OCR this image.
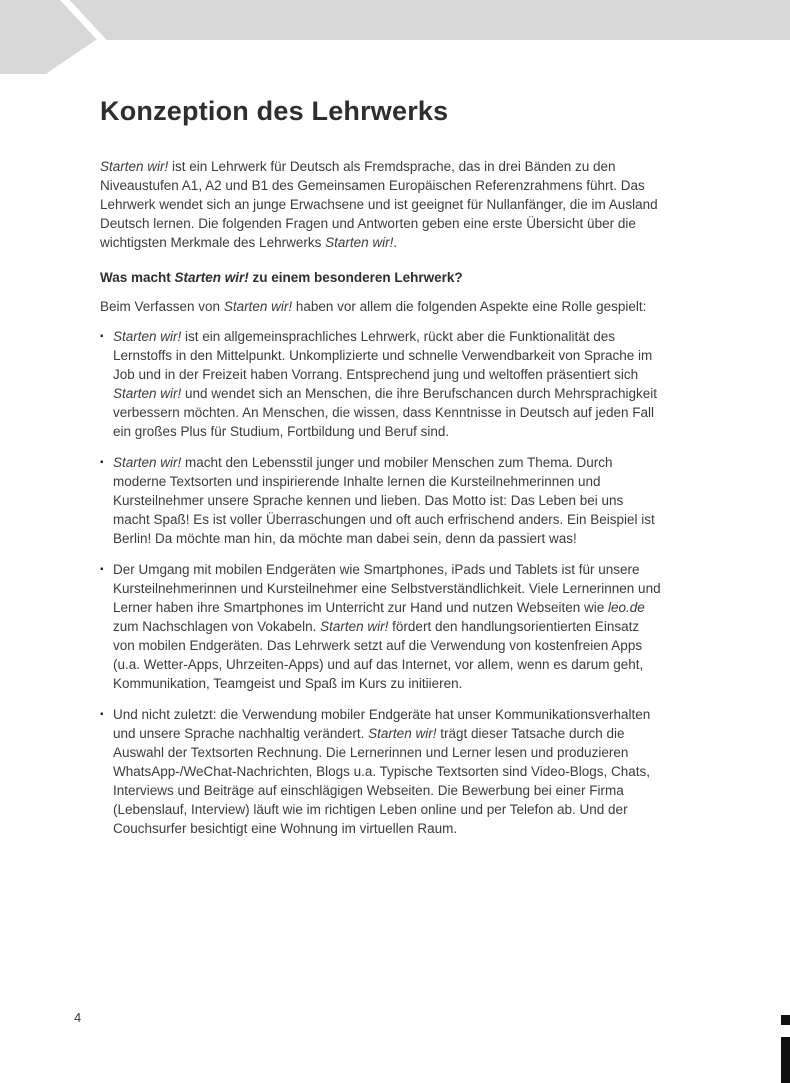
Konzeption des Lehrwerks
Starten wir! ist ein Lehrwerk für Deutsch als Fremdsprache, das in drei Bänden zu den Niveaustufen A1, A2 und B1 des Gemeinsamen Europäischen Referenzrahmens führt. Das Lehrwerk wendet sich an junge Erwachsene und ist geeignet für Nullanfänger, die im Ausland Deutsch lernen. Die folgenden Fragen und Antworten geben eine erste Übersicht über die wichtigsten Merkmale des Lehrwerks Starten wir!.
Was macht Starten wir! zu einem besonderen Lehrwerk?
Beim Verfassen von Starten wir! haben vor allem die folgenden Aspekte eine Rolle gespielt:
▪ Starten wir! ist ein allgemeinsprachliches Lehrwerk, rückt aber die Funktionalität des Lernstoffs in den Mittelpunkt. Unkomplizierte und schnelle Verwendbarkeit von Sprache im Job und in der Freizeit haben Vorrang. Entsprechend jung und weltoffen präsentiert sich Starten wir! und wendet sich an Menschen, die ihre Berufschancen durch Mehrsprachigkeit verbessern möchten. An Menschen, die wissen, dass Kenntnisse in Deutsch auf jeden Fall ein großes Plus für Studium, Fortbildung und Beruf sind.
▪ Starten wir! macht den Lebensstil junger und mobiler Menschen zum Thema. Durch moderne Textsorten und inspirierende Inhalte lernen die Kursteilnehmerinnen und Kursteilnehmer unsere Sprache kennen und lieben. Das Motto ist: Das Leben bei uns macht Spaß! Es ist voller Überraschungen und oft auch erfrischend anders. Ein Beispiel ist Berlin! Da möchte man hin, da möchte man dabei sein, denn da passiert was!
▪ Der Umgang mit mobilen Endgeräten wie Smartphones, iPads und Tablets ist für unsere Kursteilnehmerinnen und Kursteilnehmer eine Selbstverständlichkeit. Viele Lernerinnen und Lerner haben ihre Smartphones im Unterricht zur Hand und nutzen Webseiten wie leo.de zum Nachschlagen von Vokabeln. Starten wir! fördert den handlungsorientierten Einsatz von mobilen Endgeräten. Das Lehrwerk setzt auf die Verwendung von kostenfreien Apps (u.a. Wetter-Apps, Uhrzeiten-Apps) und auf das Internet, vor allem, wenn es darum geht, Kommunikation, Teamgeist und Spaß im Kurs zu initiieren.
▪ Und nicht zuletzt: die Verwendung mobiler Endgeräte hat unser Kommunikationsverhalten und unsere Sprache nachhaltig verändert. Starten wir! trägt dieser Tatsache durch die Auswahl der Textsorten Rechnung. Die Lernerinnen und Lerner lesen und produzieren WhatsApp-/WeChat-Nachrichten, Blogs u.a. Typische Textsorten sind Video-Blogs, Chats, Interviews und Beiträge auf einschlägigen Webseiten. Die Bewerbung bei einer Firma (Lebenslauf, Interview) läuft wie im richtigen Leben online und per Telefon ab. Und der Couchsurfer besichtigt eine Wohnung im virtuellen Raum.
4
